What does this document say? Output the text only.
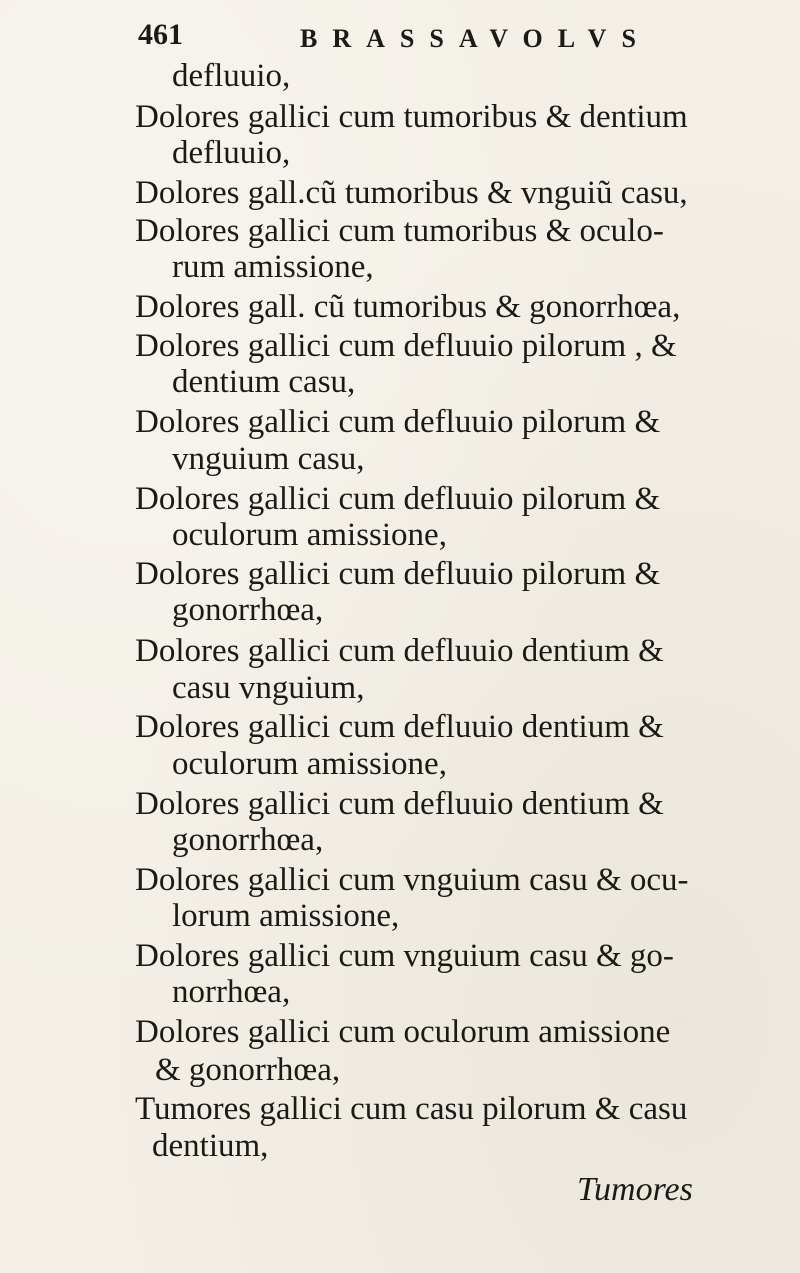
461	BRASSAVOLVS
defluuio,
Dolores gallici cum tumoribus & dentium
defluuio,
Dolores gall.cũ tumoribus & vnguiũ casu,
Dolores gallici cum tumoribus & oculo-
rum amissione,
Dolores gall. cũ tumoribus & gonorrhœa,
Dolores gallici cum defluuio pilorum , &
dentium casu,
Dolores gallici cum defluuio pilorum &
vnguium casu,
Dolores gallici cum defluuio pilorum &
oculorum amissione,
Dolores gallici cum defluuio pilorum &
gonorrhœa,
Dolores gallici cum defluuio dentium &
casu vnguium,
Dolores gallici cum defluuio dentium &
oculorum amissione,
Dolores gallici cum defluuio dentium &
gonorrhœa,
Dolores gallici cum vnguium casu & ocu-
lorum amissione,
Dolores gallici cum vnguium casu & go-
norrhœa,
Dolores gallici cum oculorum amissione
& gonorrhœa,
Tumores gallici cum casu pilorum & casu
dentium,
Tumores
